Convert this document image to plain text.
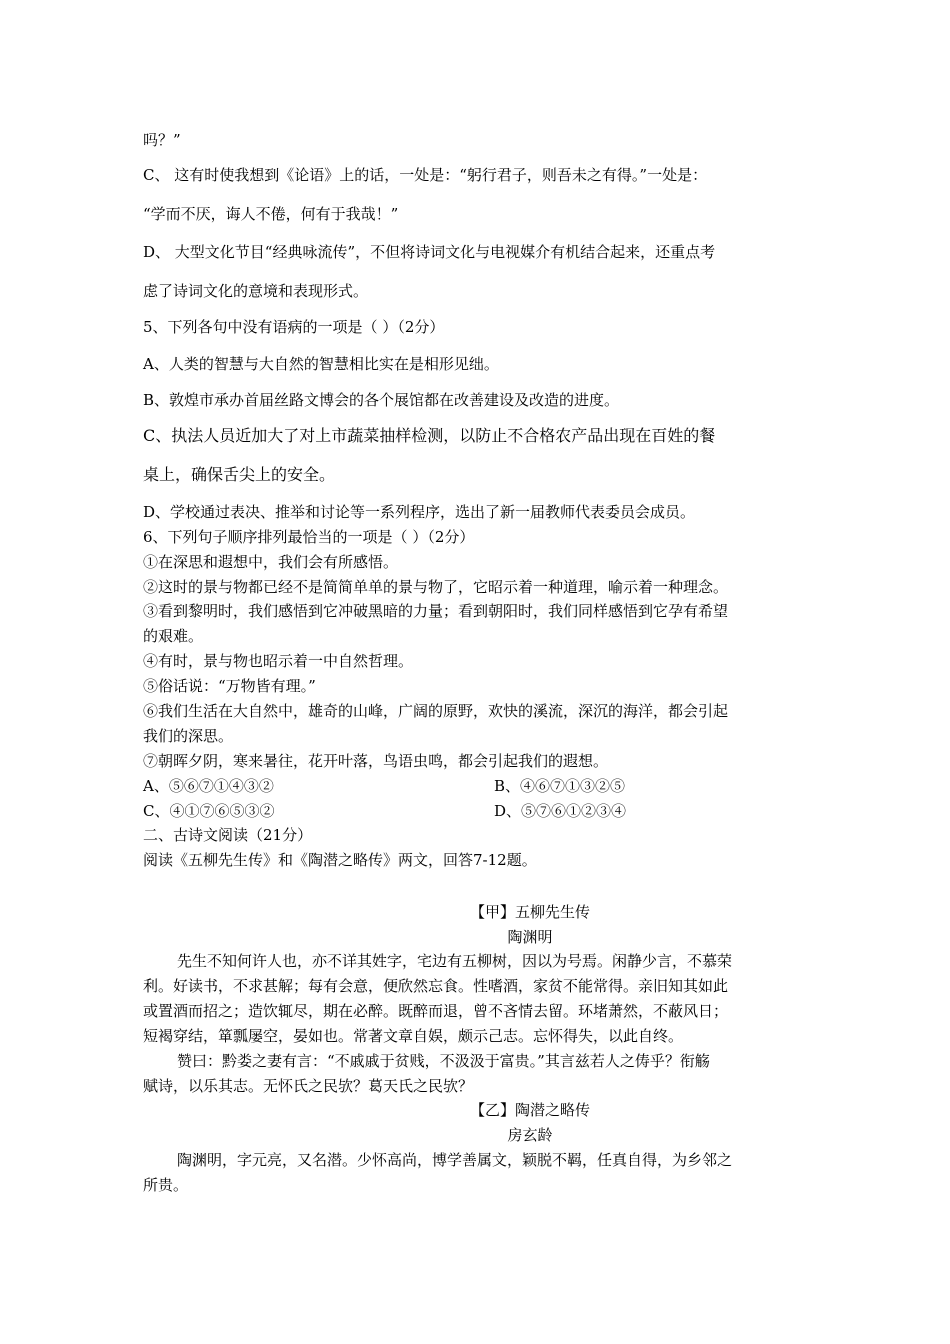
吗？”
C、 这有时使我想到《论语》上的话，一处是：“躬行君子，则吾未之有得。”一处是：
“学而不厌，诲人不倦，何有于我哉！”
D、 大型文化节目“经典咏流传”，不但将诗词文化与电视媒介有机结合起来，还重点考
虑了诗词文化的意境和表现形式。
5、下列各句中没有语病的一项是（ ）（2分）
A、人类的智慧与大自然的智慧相比实在是相形见绌。
B、敦煌市承办首届丝路文博会的各个展馆都在改善建设及改造的进度。
C、执法人员近加大了对上市蔬菜抽样检测，以防止不合格农产品出现在百姓的餐
桌上，确保舌尖上的安全。
D、学校通过表决、推举和讨论等一系列程序，选出了新一届教师代表委员会成员。
6、下列句子顺序排列最恰当的一项是（ ）（2分）
①在深思和遐想中，我们会有所感悟。
②这时的景与物都已经不是简简单单的景与物了，它昭示着一种道理，喻示着一种理念。
③看到黎明时，我们感悟到它冲破黑暗的力量；看到朝阳时，我们同样感悟到它孕有希望
的艰难。
④有时，景与物也昭示着一中自然哲理。
⑤俗话说：“万物皆有理。”
⑥我们生活在大自然中，雄奇的山峰，广阔的原野，欢快的溪流，深沉的海洋，都会引起
我们的深思。
⑦朝晖夕阴，寒来暑往，花开叶落，鸟语虫鸣，都会引起我们的遐想。
A、⑤⑥⑦①④③②	B、④⑥⑦①③②⑤
C、④①⑦⑥⑤③②	D、⑤⑦⑥①②③④
二、古诗文阅读（21分）
阅读《五柳先生传》和《陶潜之略传》两文，回答7-12题。
【甲】五柳先生传
陶渊明
先生不知何许人也，亦不详其姓字，宅边有五柳树，因以为号焉。闲静少言，不慕荣
利。好读书，不求甚解；每有会意，便欣然忘食。性嗜酒，家贫不能常得。亲旧知其如此
或置酒而招之；造饮辄尽，期在必醉。既醉而退，曾不吝情去留。环堵萧然，不蔽风日；
短褐穿结，箪瓢屡空，晏如也。常著文章自娱，颇示己志。忘怀得失，以此自终。
赞曰：黔娄之妻有言：“不戚戚于贫贱，不汲汲于富贵。”其言兹若人之俦乎？衔觞
赋诗，以乐其志。无怀氏之民欤？葛天氏之民欤？
【乙】陶潜之略传
房玄龄
陶渊明，字元亮，又名潜。少怀高尚，博学善属文，颖脱不羁，任真自得，为乡邻之
所贵。
